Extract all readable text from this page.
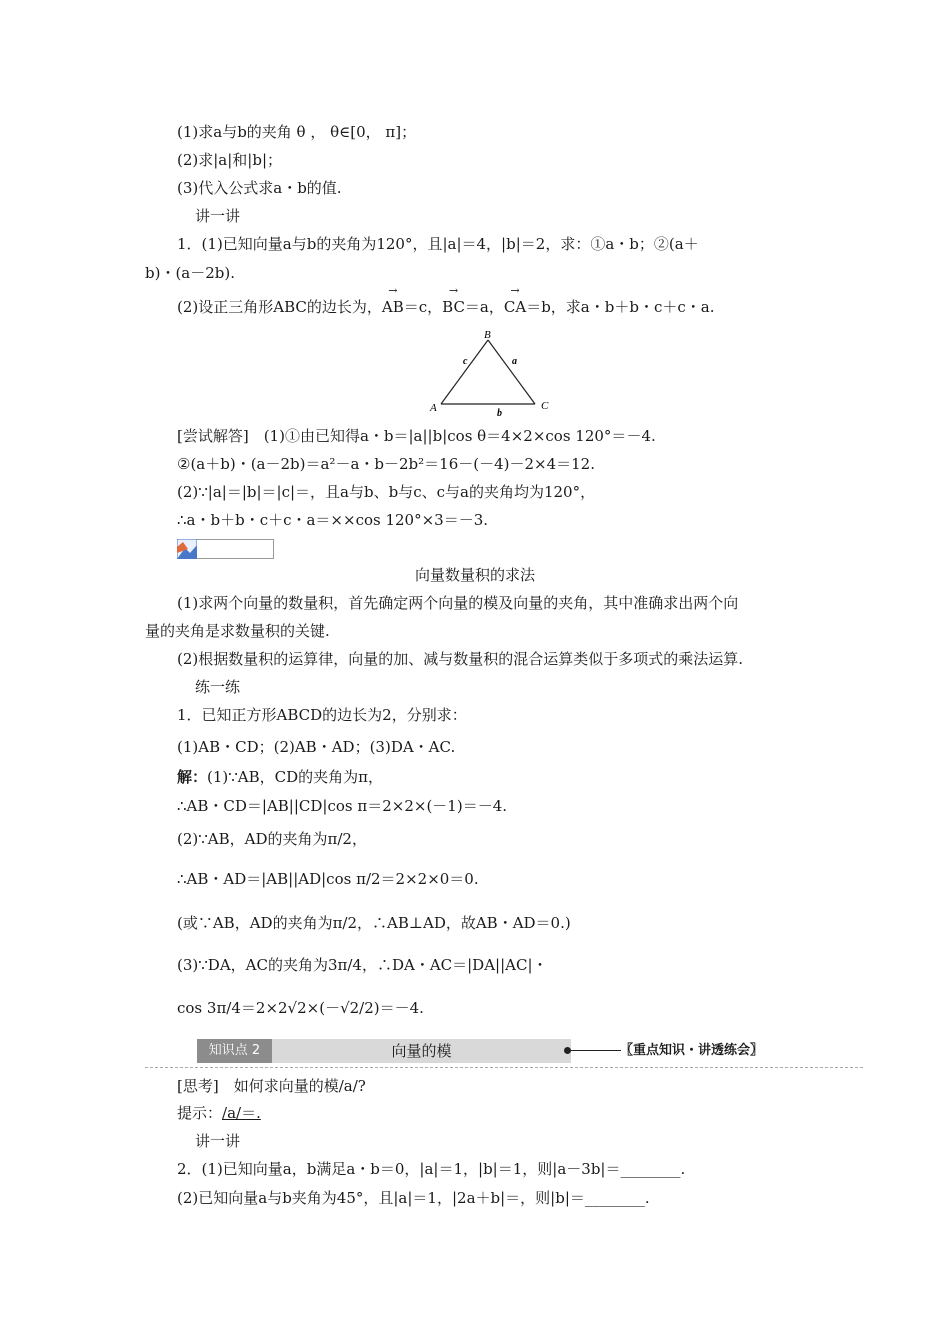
(1)求a与b的夹角 θ ， θ∈[0， π]；
(2)求|a|和|b|；
(3)代入公式求a・b的值.
讲一讲
1．(1)已知向量a与b的夹角为120°，且|a|＝4，|b|＝2，求：①a・b；②(a＋
b)・(a－2b).
(2)设正三角形ABC的边长为，→ AB＝c，→ BC＝a，→ CA＝b，求a・b＋b・c＋c・a.
B
A	C
a
b
c
[尝试解答]　(1)①由已知得a・b＝|a||b|cos θ＝4×2×cos 120°＝－4.
②(a＋b)・(a－2b)＝a²－a・b－2b²＝16－(－4)－2×4＝12.
(2)∵|a|＝|b|＝|c|＝，且a与b、b与c、c与a的夹角均为120°，
∴a・b＋b・c＋c・a＝××cos 120°×3＝－3.
向量数量积的求法
(1)求两个向量的数量积，首先确定两个向量的模及向量的夹角，其中准确求出两个向
量的夹角是求数量积的关键.
(2)根据数量积的运算律，向量的加、减与数量积的混合运算类似于多项式的乘法运算.
练一练
1．已知正方形ABCD的边长为2，分别求：
(1)AB・CD；(2)AB・AD；(3)DA・AC.
解：(1)∵AB，CD的夹角为π，
∴AB・CD＝|AB||CD|cos π＝2×2×(－1)＝－4.
(2)∵AB，AD的夹角为π/2，
∴AB・AD＝|AB||AD|cos π/2＝2×2×0＝0.
(或∵AB，AD的夹角为π/2，∴AB⊥AD，故AB・AD＝0.)
(3)∵DA，AC的夹角为3π/4，∴DA・AC＝|DA||AC|・
cos 3π/4＝2×2√2×(－√2/2)＝－4.
知识点 2	向量的模	〖重点知识・讲透练会〗
[思考]　如何求向量的模/a/?
提示：/a/＝.
讲一讲
2．(1)已知向量a，b满足a・b＝0，|a|＝1，|b|＝1，则|a－3b|＝________.
(2)已知向量a与b夹角为45°，且|a|＝1，|2a＋b|＝，则|b|＝________.
